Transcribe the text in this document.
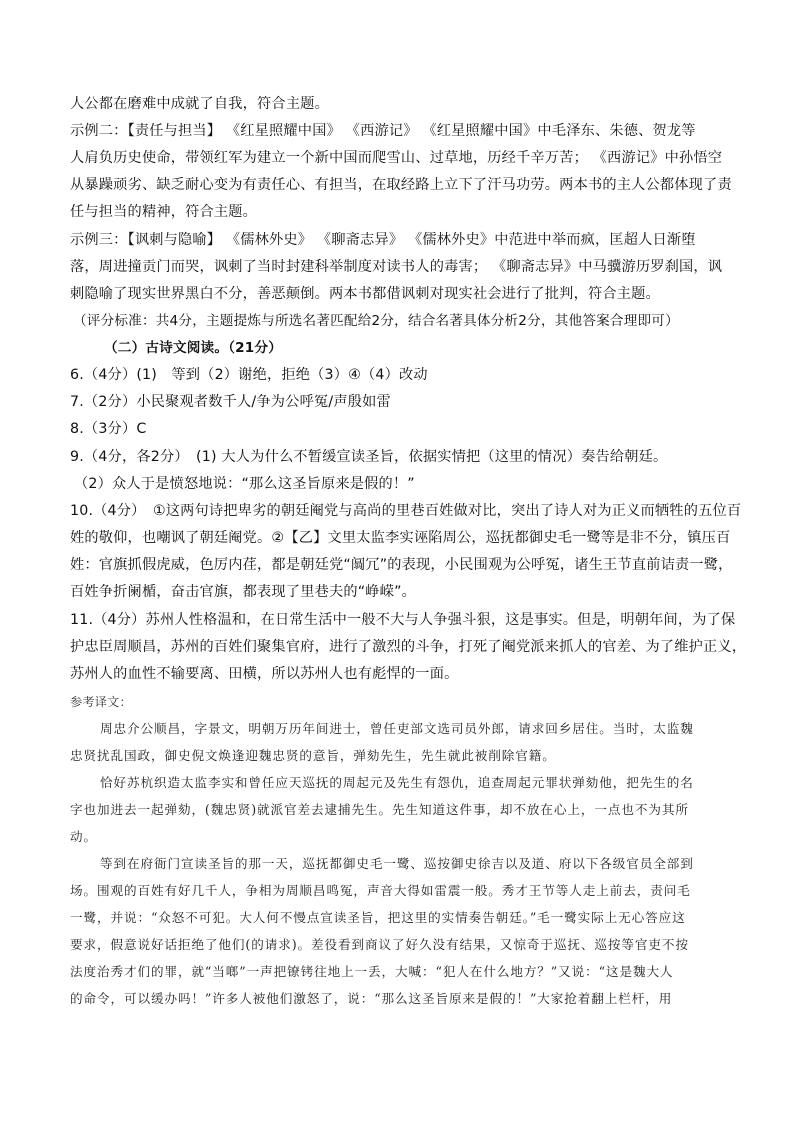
人公都在磨难中成就了自我，符合主题。
示例二：【责任与担当】 《红星照耀中国》 《西游记》 《红星照耀中国》中毛泽东、朱德、贺龙等
人肩负历史使命，带领红军为建立一个新中国而爬雪山、过草地，历经千辛万苦； 《西游记》中孙悟空
从暴躁顽劣、缺乏耐心变为有责任心、有担当，在取经路上立下了汗马功劳。两本书的主人公都体现了责
任与担当的精神，符合主题。
示例三：【讽刺与隐喻】 《儒林外史》 《聊斋志异》 《儒林外史》中范进中举而疯，匡超人日渐堕
落，周进撞贡门而哭，讽刺了当时封建科举制度对读书人的毒害； 《聊斋志异》中马骥游历罗刹国，讽
刺隐喻了现实世界黑白不分，善恶颠倒。两本书都借讽刺对现实社会进行了批判，符合主题。
（评分标准：共4分，主题提炼与所选名著匹配给2分，结合名著具体分析2分，其他答案合理即可）
（二）古诗文阅读。（21分）
6.（4分）(1)　等到（2）谢绝，拒绝（3）④（4）改动
7.（2分）小民聚观者数千人/争为公呼冤/声殷如雷
8.（3分）C
9.（4分，各2分）　(1) 大人为什么不暂缓宣读圣旨，依据实情把（这里的情况）奏告给朝廷。
（2）众人于是愤怒地说：“那么这圣旨原来是假的！”
10.（4分）　①这两句诗把卑劣的朝廷阉党与高尚的里巷百姓做对比，突出了诗人对为正义而牺牲的五位百
姓的敬仰，也嘲讽了朝廷阉党。②【乙】文里太监李实诬陷周公，巡抚都御史毛一鹭等是非不分，镇压百
姓：官旗抓假虎威，色厉内荏，都是朝廷党“阘冗”的表现，小民围观为公呼冤，诸生王节直前诘责一鹭，
百姓争折阑楯，奋击官旗，都表现了里巷夫的“峥嵘”。
11.（4分）苏州人性格温和，在日常生活中一般不大与人争强斗狠，这是事实。但是，明朝年间，为了保
护忠臣周顺昌，苏州的百姓们聚集官府，进行了激烈的斗争，打死了阉党派来抓人的官差、为了维护正义，
苏州人的血性不输要离、田横，所以苏州人也有彪悍的一面。
参考译文：
周忠介公顺昌，字景文，明朝万历年间进士，曾任吏部文选司员外郎，请求回乡居住。当时，太监魏
忠贤扰乱国政，御史倪文焕逢迎魏忠贤的意旨，弹劾先生，先生就此被削除官籍。
恰好苏杭织造太监李实和曾任应天巡抚的周起元及先生有怨仇，追查周起元罪状弹劾他，把先生的名
字也加进去一起弹劾，(魏忠贤)就派官差去逮捕先生。先生知道这件事，却不放在心上，一点也不为其所
动。
等到在府衙门宣读圣旨的那一天，巡抚都御史毛一鹭、巡按御史徐吉以及道、府以下各级官员全部到
场。围观的百姓有好几千人，争相为周顺昌鸣冤，声音大得如雷震一般。秀才王节等人走上前去，责问毛
一鹭，并说：“众怒不可犯。大人何不慢点宣读圣旨，把这里的实情奏告朝廷。”毛一鹭实际上无心答应这
要求，假意说好话拒绝了他们(的请求)。差役看到商议了好久没有结果，又惊奇于巡抚、巡按等官吏不按
法度治秀才们的罪，就“当啷”一声把镣铐往地上一丢，大喊：“犯人在什么地方？”又说：“这是魏大人
的命令，可以缓办吗！”许多人被他们激怒了，说：“那么这圣旨原来是假的！”大家抢着翻上栏杆，用
